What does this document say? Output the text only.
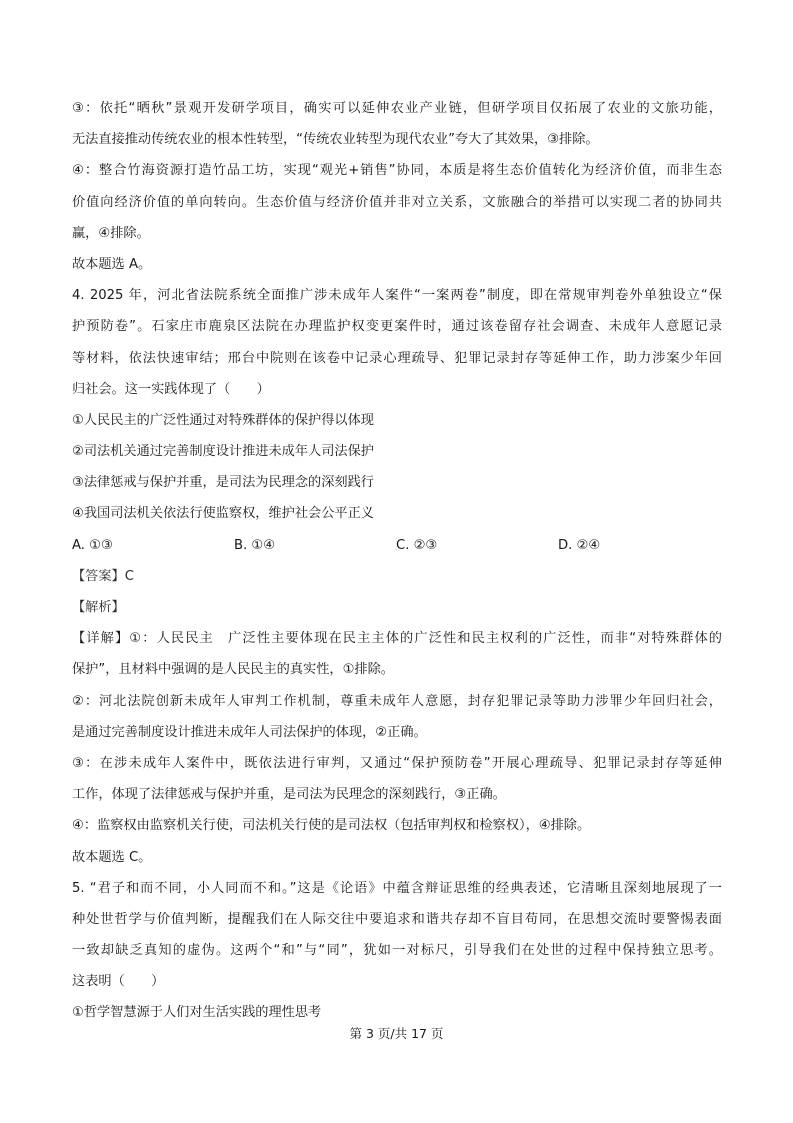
③：依托“晒秋”景观开发研学项目，确实可以延伸农业产业链，但研学项目仅拓展了农业的文旅功能，
无法直接推动传统农业的根本性转型，“传统农业转型为现代农业”夸大了其效果，③排除。
④：整合竹海资源打造竹品工坊，实现“观光+销售”协同，本质是将生态价值转化为经济价值，而非生态
价值向经济价值的单向转向。生态价值与经济价值并非对立关系，文旅融合的举措可以实现二者的协同共
赢，④排除。
故本题选 A。
4. 2025 年，河北省法院系统全面推广涉未成年人案件“一案两卷”制度，即在常规审判卷外单独设立“保
护预防卷”。石家庄市鹿泉区法院在办理监护权变更案件时，通过该卷留存社会调查、未成年人意愿记录
等材料，依法快速审结；邢台中院则在该卷中记录心理疏导、犯罪记录封存等延伸工作，助力涉案少年回
归社会。这一实践体现了（　　）
①人民民主的广泛性通过对特殊群体的保护得以体现
②司法机关通过完善制度设计推进未成年人司法保护
③法律惩戒与保护并重，是司法为民理念的深刻践行
④我国司法机关依法行使监察权，维护社会公平正义
A. ①③	B. ①④	C. ②③	D. ②④
【答案】C
【解析】
【详解】①：人民民主　广泛性主要体现在民主主体的广泛性和民主权利的广泛性，而非“对特殊群体的
保护”，且材料中强调的是人民民主的真实性，①排除。
②：河北法院创新未成年人审判工作机制，尊重未成年人意愿，封存犯罪记录等助力涉罪少年回归社会，
是通过完善制度设计推进未成年人司法保护的体现，②正确。
③：在涉未成年人案件中，既依法进行审判，又通过“保护预防卷”开展心理疏导、犯罪记录封存等延伸
工作，体现了法律惩戒与保护并重，是司法为民理念的深刻践行，③正确。
④：监察权由监察机关行使，司法机关行使的是司法权（包括审判权和检察权），④排除。
故本题选 C。
5. “君子和而不同，小人同而不和。”这是《论语》中蕴含辩证思维的经典表述，它清晰且深刻地展现了一
种处世哲学与价值判断，提醒我们在人际交往中要追求和谐共存却不盲目苟同，在思想交流时要警惕表面
一致却缺乏真知的虚伪。这两个“和”与“同”，犹如一对标尺，引导我们在处世的过程中保持独立思考。
这表明（　　）
①哲学智慧源于人们对生活实践的理性思考
第 3 页/共 17 页
